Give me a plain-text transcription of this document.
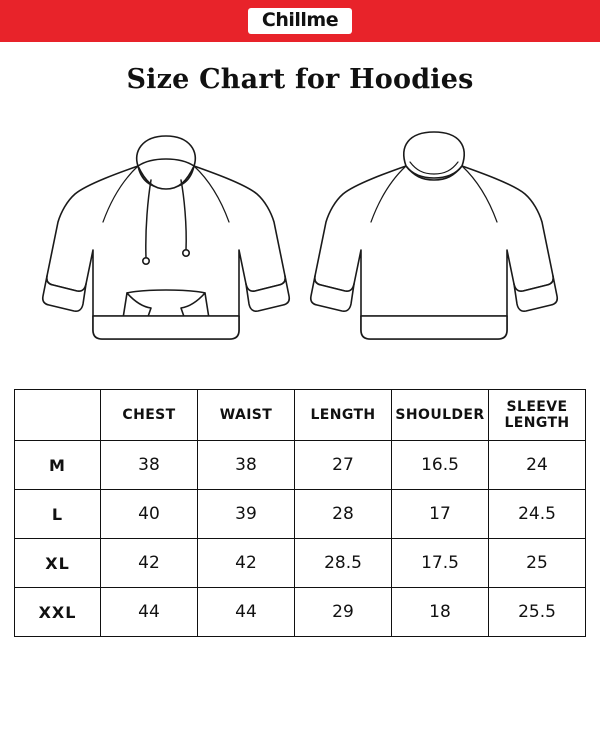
Chillme
Size Chart for Hoodies
	CHEST	WAIST	LENGTH	SHOULDER	SLEEVE LENGTH
M	38	38	27	16.5	24
L	40	39	28	17	24.5
XL	42	42	28.5	17.5	25
XXL	44	44	29	18	25.5
